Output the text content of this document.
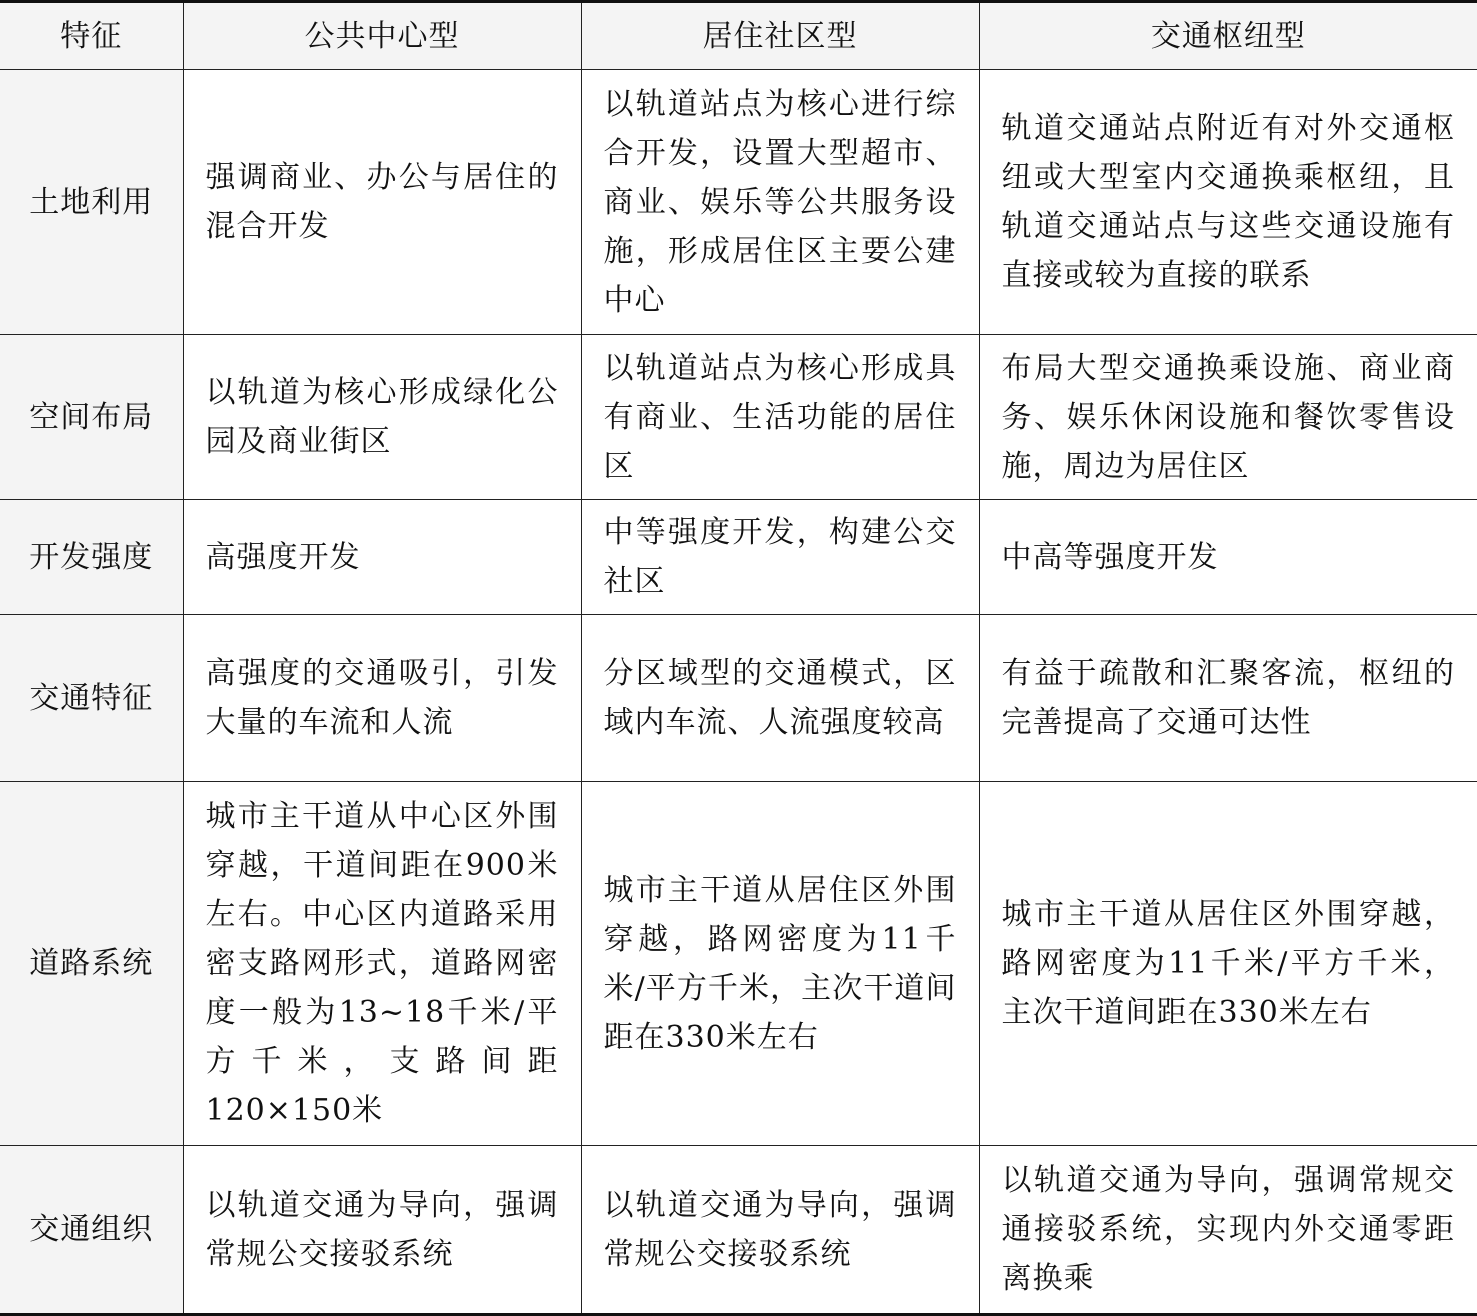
特征	公共中心型	居住社区型	交通枢纽型
土地利用	强调商业、办公与居住的混合开发	以轨道站点为核心进行综合开发，设置大型超市、商业、娱乐等公共服务设施，形成居住区主要公建中心	轨道交通站点附近有对外交通枢纽或大型室内交通换乘枢纽，且轨道交通站点与这些交通设施有直接或较为直接的联系
空间布局	以轨道为核心形成绿化公园及商业街区	以轨道站点为核心形成具有商业、生活功能的居住区	布局大型交通换乘设施、商业商务、娱乐休闲设施和餐饮零售设施，周边为居住区
开发强度	高强度开发	中等强度开发，构建公交社区	中高等强度开发
交通特征	高强度的交通吸引，引发大量的车流和人流	分区域型的交通模式，区域内车流、人流强度较高	有益于疏散和汇聚客流，枢纽的完善提高了交通可达性
道路系统	城市主干道从中心区外围穿越，干道间距在900米左右。中心区内道路采用密支路网形式，道路网密度一般为13~18千米/平方千米，支路间距120×150米	城市主干道从居住区外围穿越，路网密度为11千米/平方千米，主次干道间距在330米左右	城市主干道从居住区外围穿越，路网密度为11千米/平方千米，主次干道间距在330米左右
交通组织	以轨道交通为导向，强调常规公交接驳系统	以轨道交通为导向，强调常规公交接驳系统	以轨道交通为导向，强调常规交通接驳系统，实现内外交通零距离换乘
